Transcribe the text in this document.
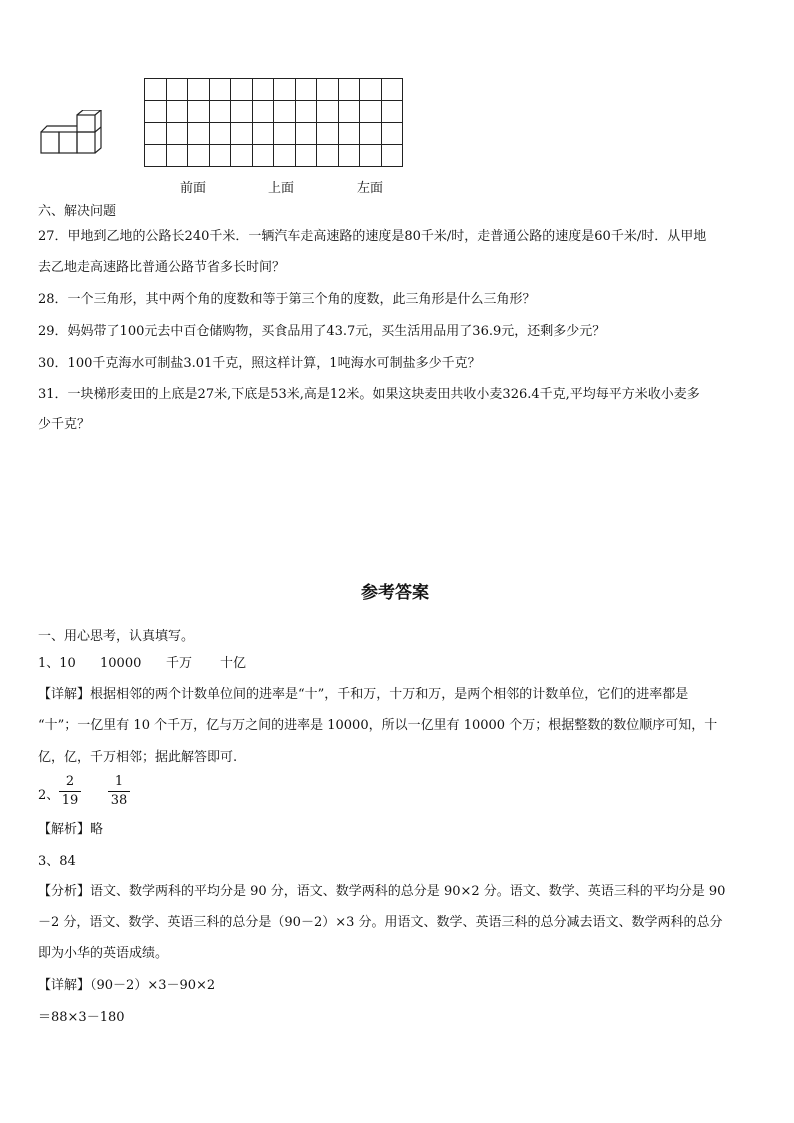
前面	上面	左面
六、解决问题
27．甲地到乙地的公路长240千米．一辆汽车走高速路的速度是80千米/时，走普通公路的速度是60千米/时．从甲地
去乙地走高速路比普通公路节省多长时间？
28．一个三角形，其中两个角的度数和等于第三个角的度数，此三角形是什么三角形？
29．妈妈带了100元去中百仓储购物，买食品用了43.7元，买生活用品用了36.9元，还剩多少元？
30．100千克海水可制盐3.01千克，照这样计算，1吨海水可制盐多少千克？
31．一块梯形麦田的上底是27米,下底是53米,高是12米。如果这块麦田共收小麦326.4千克,平均每平方米收小麦多
少千克？
参考答案
一、用心思考，认真填写。
1、10 10000 千万 十亿
【详解】根据相邻的两个计数单位间的进率是“十”，千和万，十万和万，是两个相邻的计数单位，它们的进率都是
“十”；一亿里有 10 个千万，亿与万之间的进率是 10000，所以一亿里有 10000 个万；根据整数的数位顺序可知，十
亿，亿，千万相邻；据此解答即可.
2、
2
19
1
38
【解析】略
3、84
【分析】语文、数学两科的平均分是 90 分，语文、数学两科的总分是 90×2 分。语文、数学、英语三科的平均分是 90
－2 分，语文、数学、英语三科的总分是（90－2）×3 分。用语文、数学、英语三科的总分减去语文、数学两科的总分
即为小华的英语成绩。
【详解】（90－2）×3－90×2
＝88×3－180
